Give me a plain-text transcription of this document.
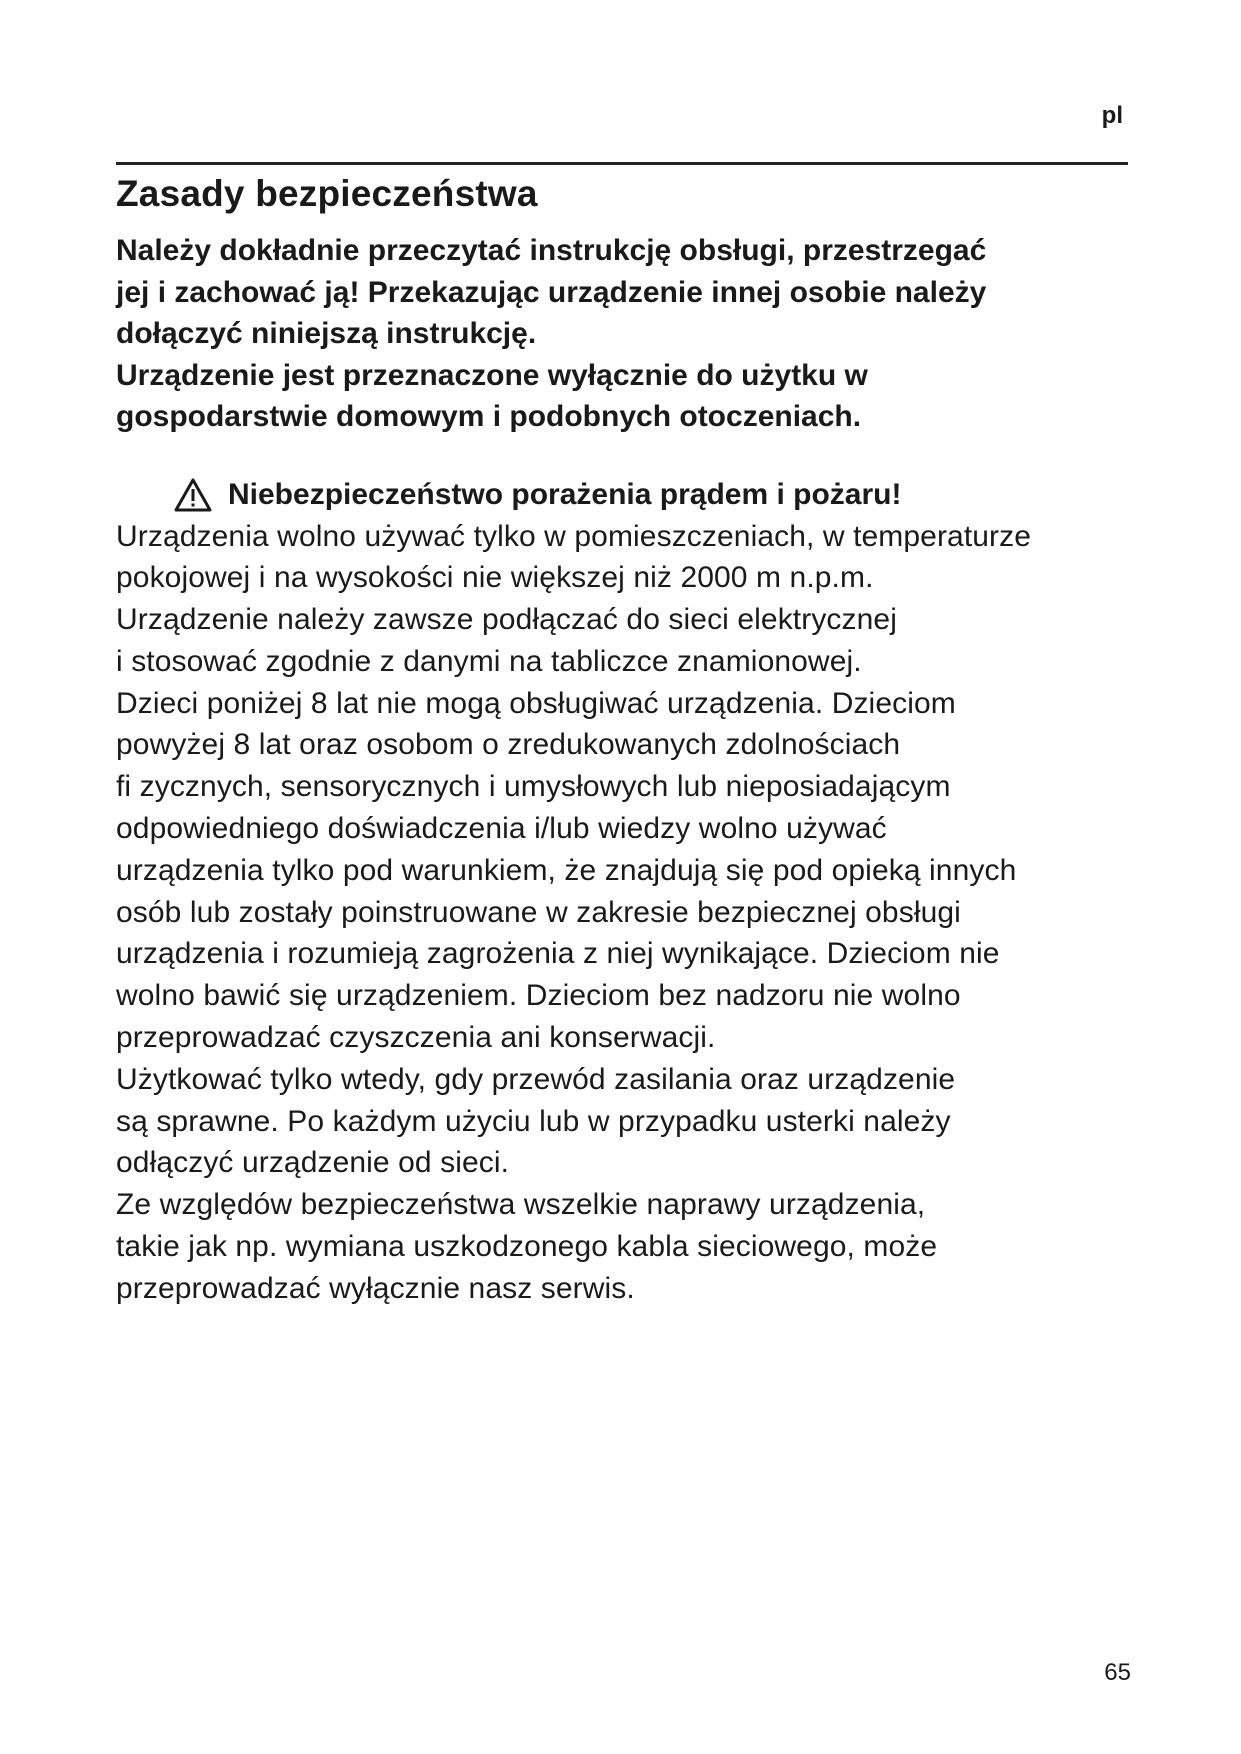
pl
Zasady bezpieczeństwa
Należy dokładnie przeczytać instrukcję obsługi, przestrzegać
jej i zachować ją! Przekazując urządzenie innej osobie należy
dołączyć niniejszą instrukcję.
Urządzenie jest przeznaczone wyłącznie do użytku w
gospodarstwie domowym i podobnych otoczeniach.
Niebezpieczeństwo porażenia prądem i pożaru!
Urządzenia wolno używać tylko w pomieszczeniach, w temperaturze
pokojowej i na wysokości nie większej niż 2000 m n.p.m.
Urządzenie należy zawsze podłączać do sieci elektrycznej
i stosować zgodnie z danymi na tabliczce znamionowej.
Dzieci poniżej 8 lat nie mogą obsługiwać urządzenia. Dzieciom
powyżej 8 lat oraz osobom o zredukowanych zdolnościach
fi zycznych, sensorycznych i umysłowych lub nieposiadającym
odpowiedniego doświadczenia i/lub wiedzy wolno używać
urządzenia tylko pod warunkiem, że znajdują się pod opieką innych
osób lub zostały poinstruowane w zakresie bezpiecznej obsługi
urządzenia i rozumieją zagrożenia z niej wynikające. Dzieciom nie
wolno bawić się urządzeniem. Dzieciom bez nadzoru nie wolno
przeprowadzać czyszczenia ani konserwacji.
Użytkować tylko wtedy, gdy przewód zasilania oraz urządzenie
są sprawne. Po każdym użyciu lub w przypadku usterki należy
odłączyć urządzenie od sieci.
Ze względów bezpieczeństwa wszelkie naprawy urządzenia,
takie jak np. wymiana uszkodzonego kabla sieciowego, może
przeprowadzać wyłącznie nasz serwis.
65
